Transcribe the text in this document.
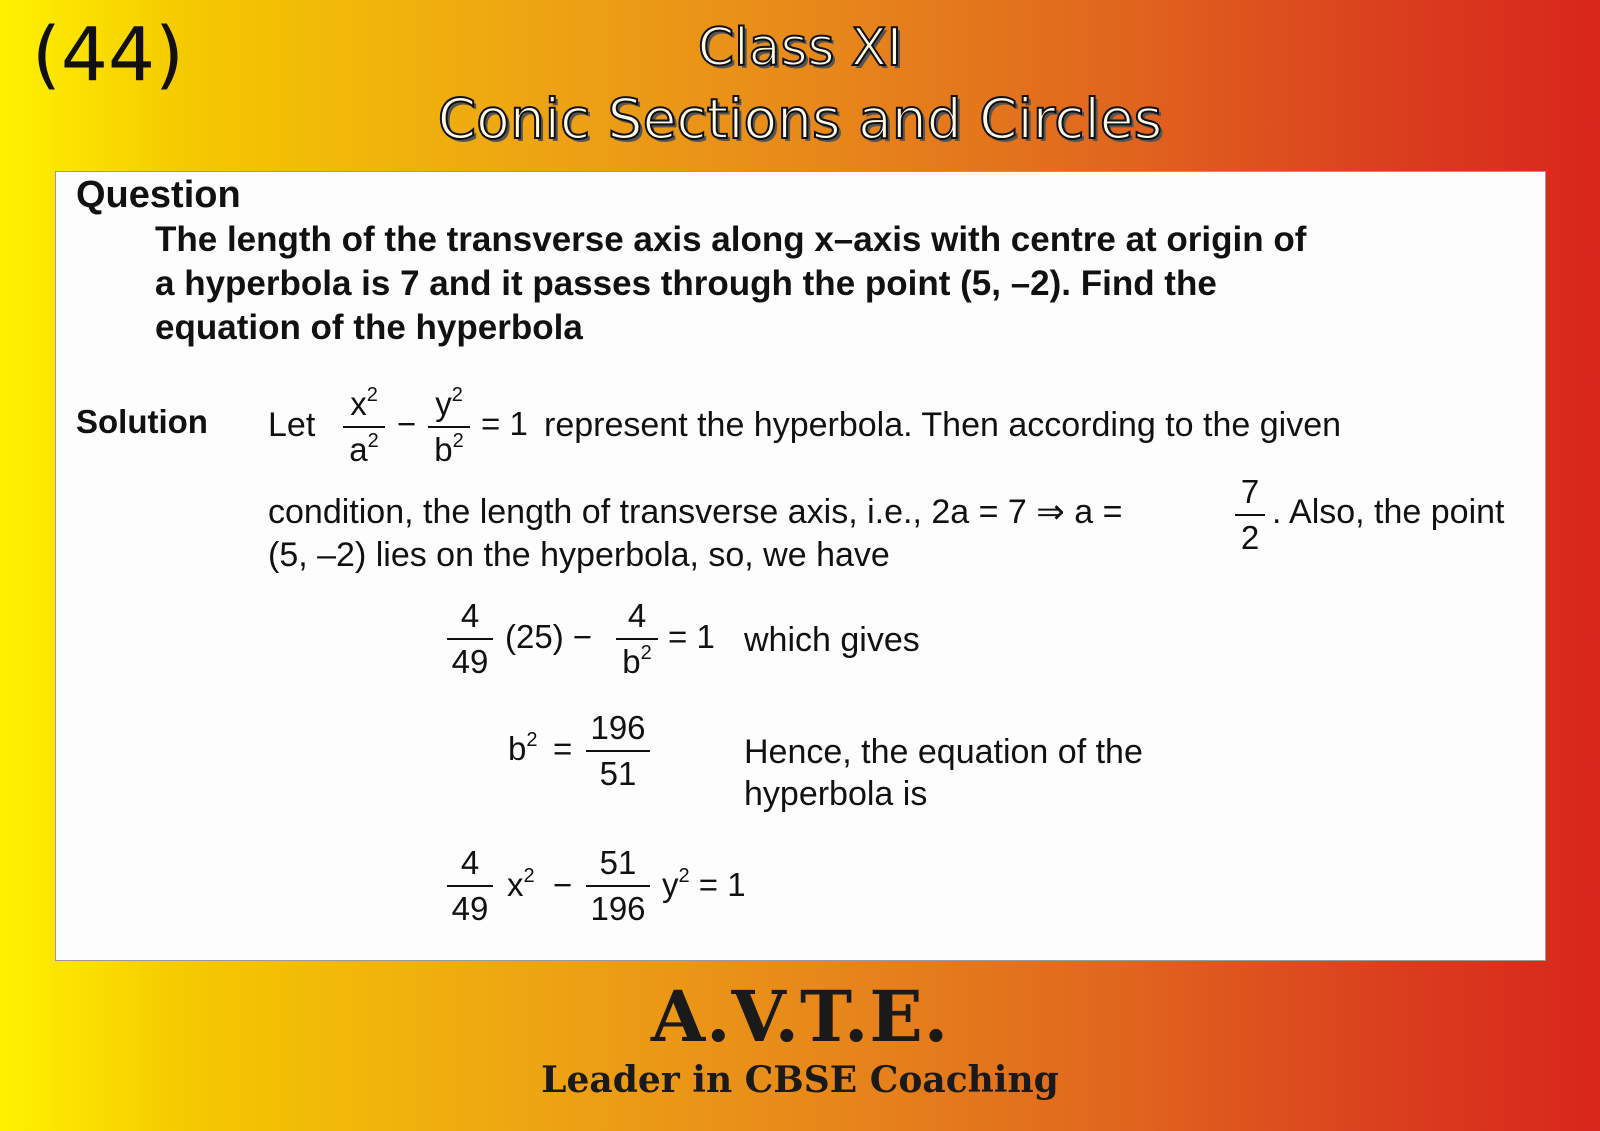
(44)	Class XI
Conic Sections and Circles
Question
The length of the transverse axis along x–axis with centre at origin of
a hyperbola is 7 and it passes through the point (5, –2). Find the
equation of the hyperbola
Solution Let
$x^2$
$a^2$ −
$y^2$
$b^2 = 1$ represent the hyperbola. Then according to the given
condition, the length of transverse axis, i.e., 2a = 7 ⇒ a =
7
2
. Also, the point
(5, –2) lies on the hyperbola, so, we have
4
49
(25) −
4
$b^2 = 1$ which gives
$b^2$ =
196
51
Hence, the equation of the
hyperbola is
4
49
$x^2$ −
51
196
$y^2 = 1$
A.V.T.E.
Leader in CBSE Coaching
